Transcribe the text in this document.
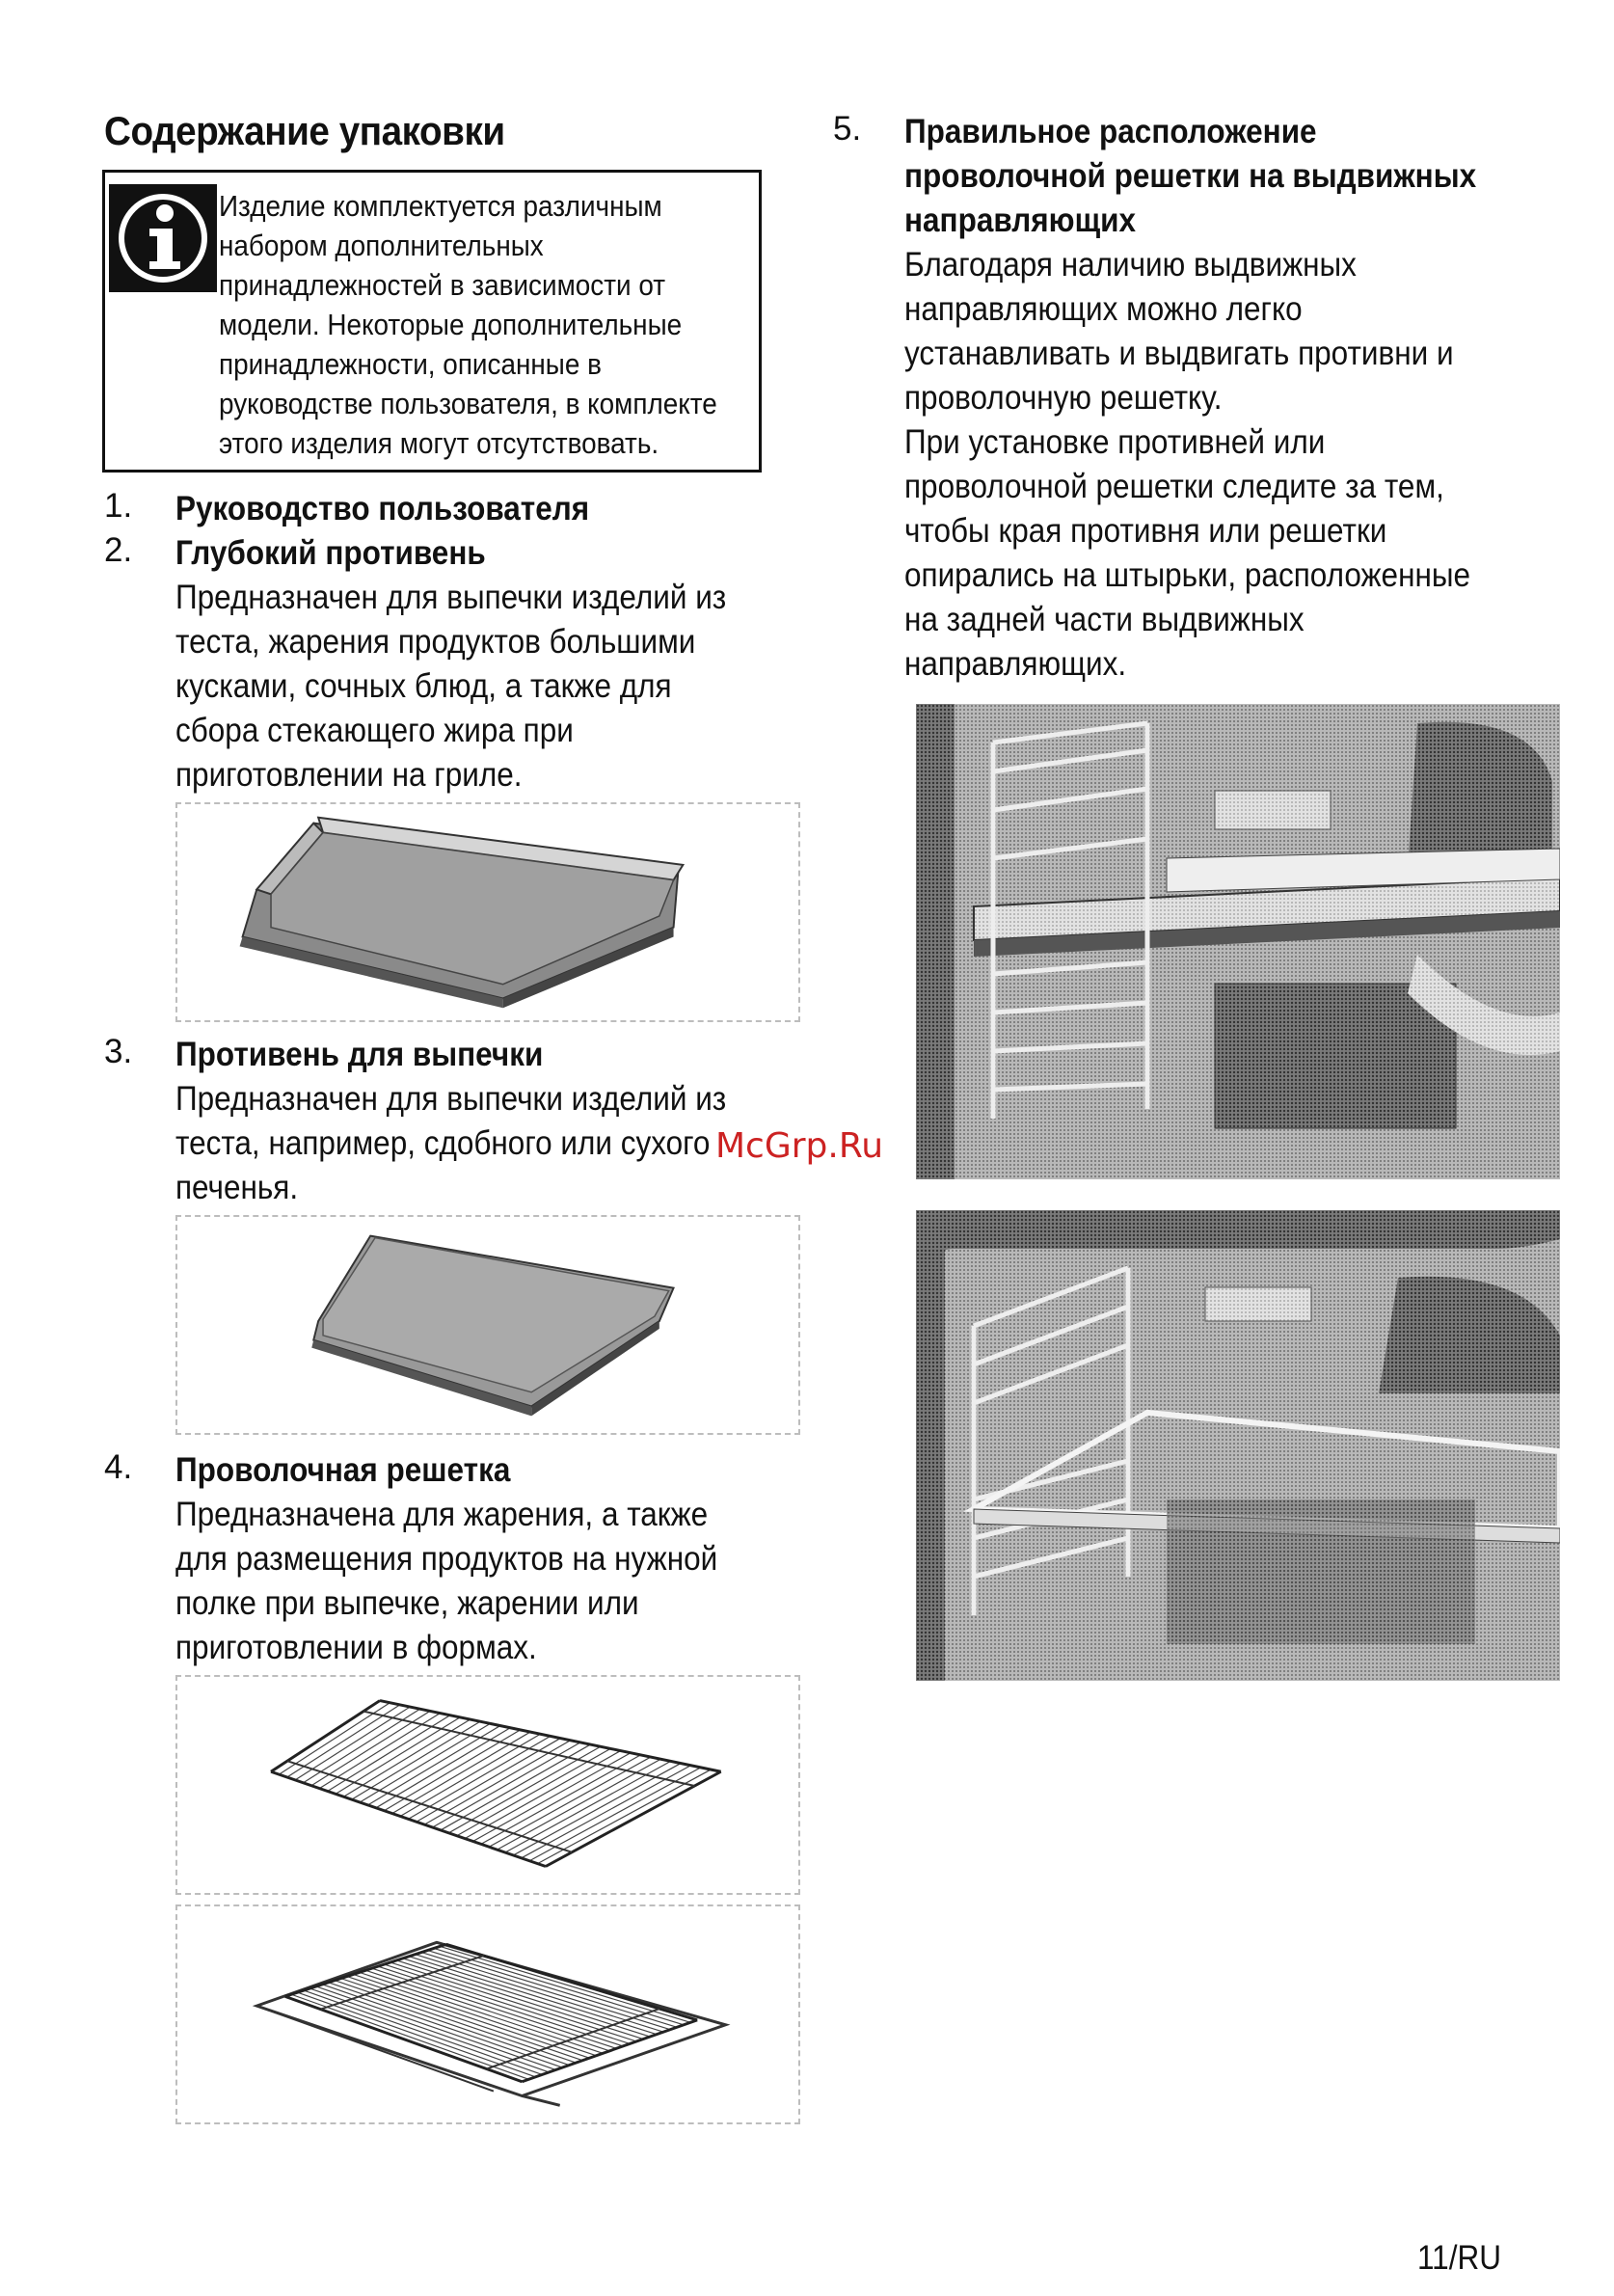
Содержание упаковки
Изделие комплектуется различным
набором дополнительных
принадлежностей в зависимости от
модели. Некоторые дополнительные
принадлежности, описанные в
руководстве пользователя, в комплекте
этого изделия могут отсутствовать.
1. Руководство пользователя

2. Глубокий противень

Предназначен для выпечки изделий из

теста, жарения продуктов большими

кусками, сочных блюд, а также для

сбора стекающего жира при

приготовлении на гриле.

3. Противень для выпечки

Предназначен для выпечки изделий из

теста, например, сдобного или сухого

печенья.

4. Проволочная решетка

Предназначена для жарения, а также

для размещения продуктов на нужной

полке при выпечке, жарении или

приготовлении в формах.

5. Правильное расположение

проволочной решетки на выдвижных

направляющих

Благодаря наличию выдвижных

направляющих можно легко

устанавливать и выдвигать противни и

проволочную решетку.

При установке противней или

проволочной решетки следите за тем,

чтобы края противня или решетки

опирались на штырьки, расположенные

на задней части выдвижных

направляющих.

McGrp.Ru
11/RU
